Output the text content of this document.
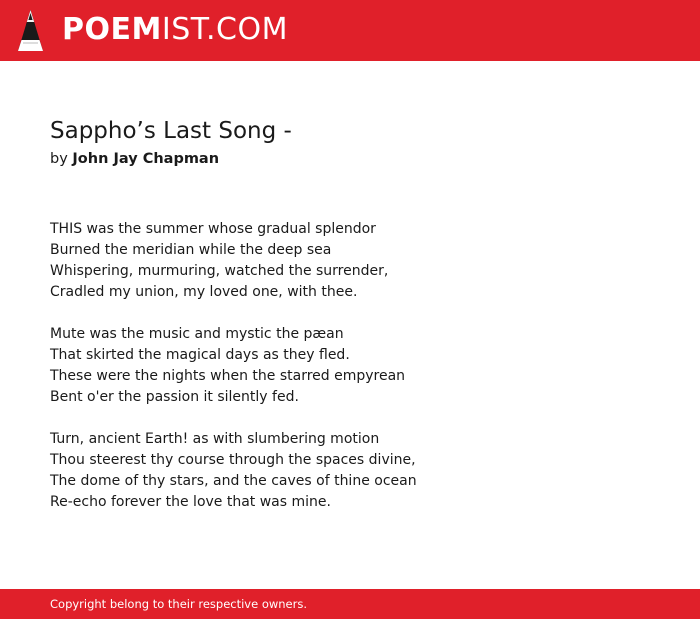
POEMIST.COM
Sappho’s Last Song -
by John Jay Chapman
THIS was the summer whose gradual splendor
Burned the meridian while the deep sea
Whispering, murmuring, watched the surrender,
Cradled my union, my loved one, with thee.
Mute was the music and mystic the pæan
That skirted the magical days as they fled.
These were the nights when the starred empyrean
Bent o'er the passion it silently fed.
Turn, ancient Earth! as with slumbering motion
Thou steerest thy course through the spaces divine,
The dome of thy stars, and the caves of thine ocean
Re-echo forever the love that was mine.
Copyright belong to their respective owners.
